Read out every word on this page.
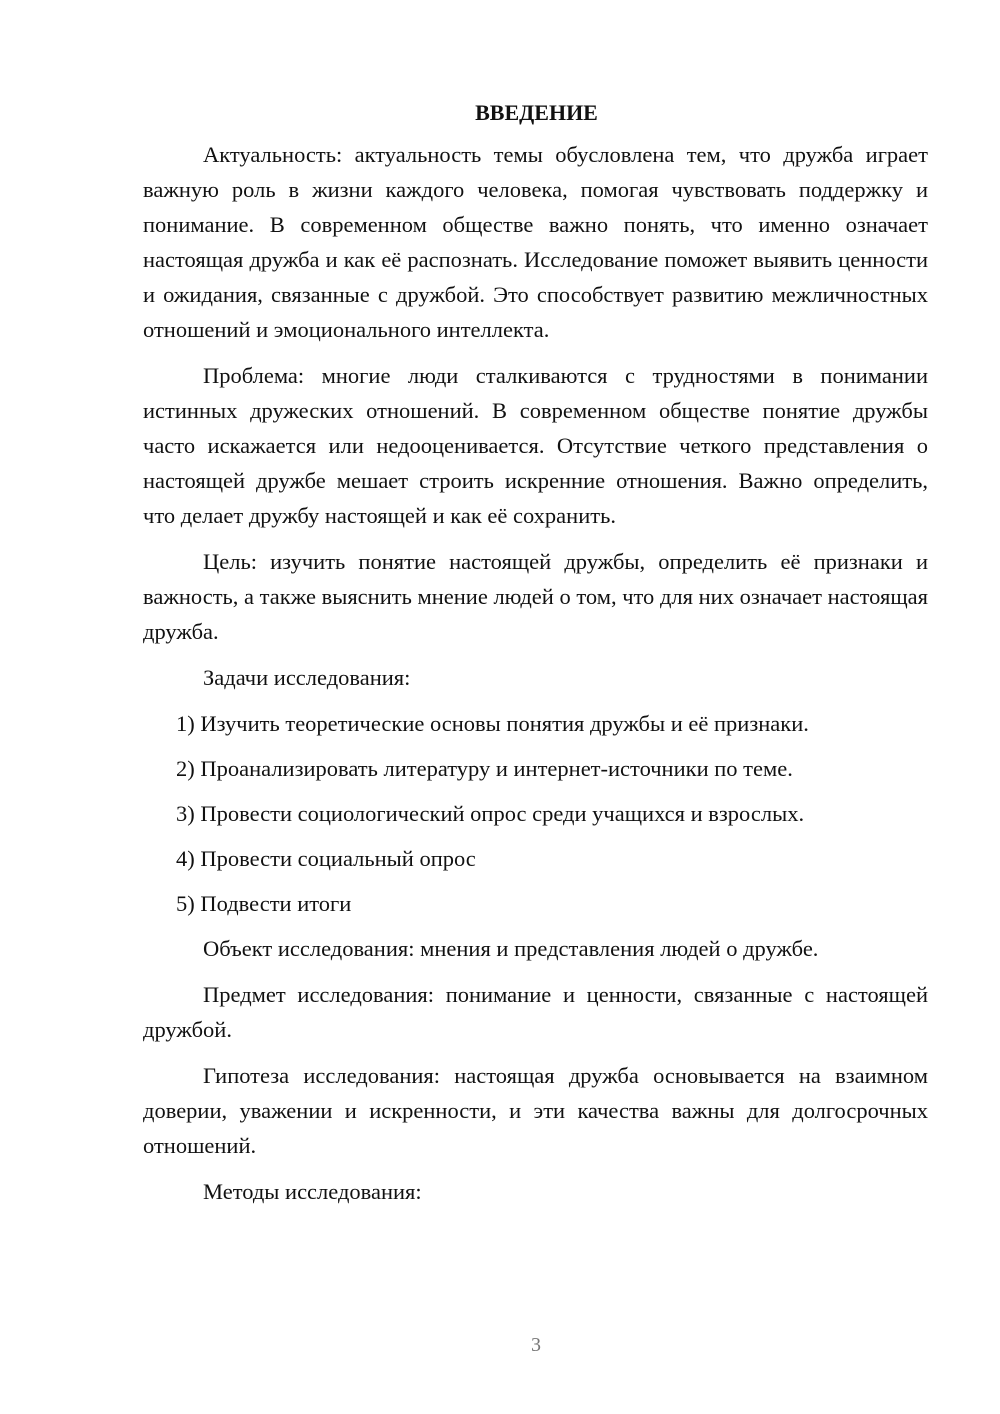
ВВЕДЕНИЕ

Актуальность: актуальность темы обусловлена тем, что дружба играет важную роль в жизни каждого человека, помогая чувствовать поддержку и понимание. В современном обществе важно понять, что именно означает настоящая дружба и как её распознать. Исследование поможет выявить ценности и ожидания, связанные с дружбой. Это способствует развитию межличностных отношений и эмоционального интеллекта.

Проблема: многие люди сталкиваются с трудностями в понимании истинных дружеских отношений. В современном обществе понятие дружбы часто искажается или недооценивается. Отсутствие четкого представления о настоящей дружбе мешает строить искренние отношения. Важно определить, что делает дружбу настоящей и как её сохранить.

Цель: изучить понятие настоящей дружбы, определить её признаки и важность, а также выяснить мнение людей о том, что для них означает настоящая дружба.

Задачи исследования:

1) Изучить теоретические основы понятия дружбы и её признаки.
2) Проанализировать литературу и интернет-источники по теме.
3) Провести социологический опрос среди учащихся и взрослых.
4) Провести социальный опрос
5) Подвести итоги

Объект исследования: мнения и представления людей о дружбе.

Предмет исследования: понимание и ценности, связанные с настоящей дружбой.

Гипотеза исследования: настоящая дружба основывается на взаимном доверии, уважении и искренности, и эти качества важны для долгосрочных отношений.

Методы исследования:

3
